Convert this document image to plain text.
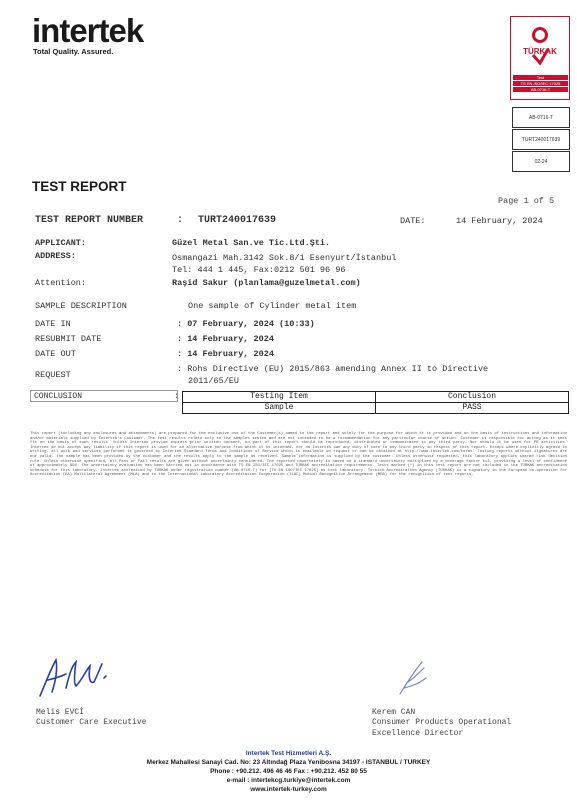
intertek
Total Quality. Assured.	TÜRKAK
Test
TS EN ISO/IEC 17025
AB-0716-T
AB-0716-T
TURT240017639
02-24
TEST REPORT
Page 1 of 5
TEST REPORT NUMBER	: TURT240017639	DATE:	14 February, 2024
APPLICANT:	Güzel Metal San.ve Tic.Ltd.Şti.
ADDRESS:	Osmangazi Mah.3142 Sok.8/1 Esenyurt/İstanbul
Tel: 444 1 445, Fax:0212 501 96 96
Attention:	Raşid Sakur (planlama@guzelmetal.com)
SAMPLE DESCRIPTION	One sample of Cylinder metal item
DATE IN	: 07 February, 2024 (10:33)
RESUBMIT DATE	: 14 February, 2024
DATE OUT	: 14 February, 2024
REQUEST
: Rohs Directive (EU) 2015/863 amending Annex II to Directive
2011/65/EU
CONCLUSION	:	Testing Item	Conclusion
Sample	PASS
This report (including any enclosures and attachments) are prepared for the exclusive use of the Customer(s) named in the report and solely for the purpose for which it is provided and on the basis of instructions and information and/or materials supplied by Intertek's Customer. The test results relate only to the samples tested and are not intended to be a recommendation for any particular course of action. Customer is responsible for acting as it sees fit on the basis of such results. Unless Intertek provide express prior written consent, no part of this report should be reproduced, distributed or communicated to any third party. Nor should it be used for PR activities. Intertek do not accept any liability if this report is used for an alternative purpose from which it is intended, nor do Intertek owe any duty of care to any third party in respect of this report. Except where explicitly agreed in writing, all work and services performed is governed by Intertek Standard Terms and Conditions of Service which is available on request or can be obtained at http://www.intertek.com/terms. Testing reports without signatures are not valid. The sample has been provided by the customer and the results apply to the sample as received. Sample information is supplied by the customer. Unless otherwise requested, this laboratory applies shared risk decision rule. Unless otherwise specified, all Pass or Fail results are given without uncertainty considered. The reported uncertainty is based on a standard uncertainty multiplied by a coverage factor k=2, providing a level of confidence of approximately 95%. The uncertainty evaluation has been carried out in accordance with TS EN ISO/IEC 17025 and TÜRKAK accreditation requirements. Tests marked (*) in this test report are not included in the TÜRKAK accreditation schedule for this laboratory. Intertek accredited by TÜRKAK under registration number (AB-0716-T) for [TS EN ISO/IEC 17025] as test laboratory. Turkish Accreditation Agency (TÜRKAK) is a signatory in the European co-operation for Accreditation (EA) Multilateral Agreement (MLA) and to the International Laboratory Accreditation Cooperation (ILAC) Mutual Recognition Arrangement (MRA) for the recognition of test reports.
Melis EVCİ
Customer Care Executive
Kerem CAN
Consumer Products Operational
Excellence Director
Intertek Test Hizmetleri A.Ş.
Merkez Mahallesi Sanayi Cad. No: 23 Altındağ Plaza Yenibosna 34197 - ISTANBUL / TURKEY
Phone : +90.212. 496 46 46 Fax : +90.212. 452 80 55
e-mail : intertekcg.turkiye@intertek.com
www.intertek-turkey.com
